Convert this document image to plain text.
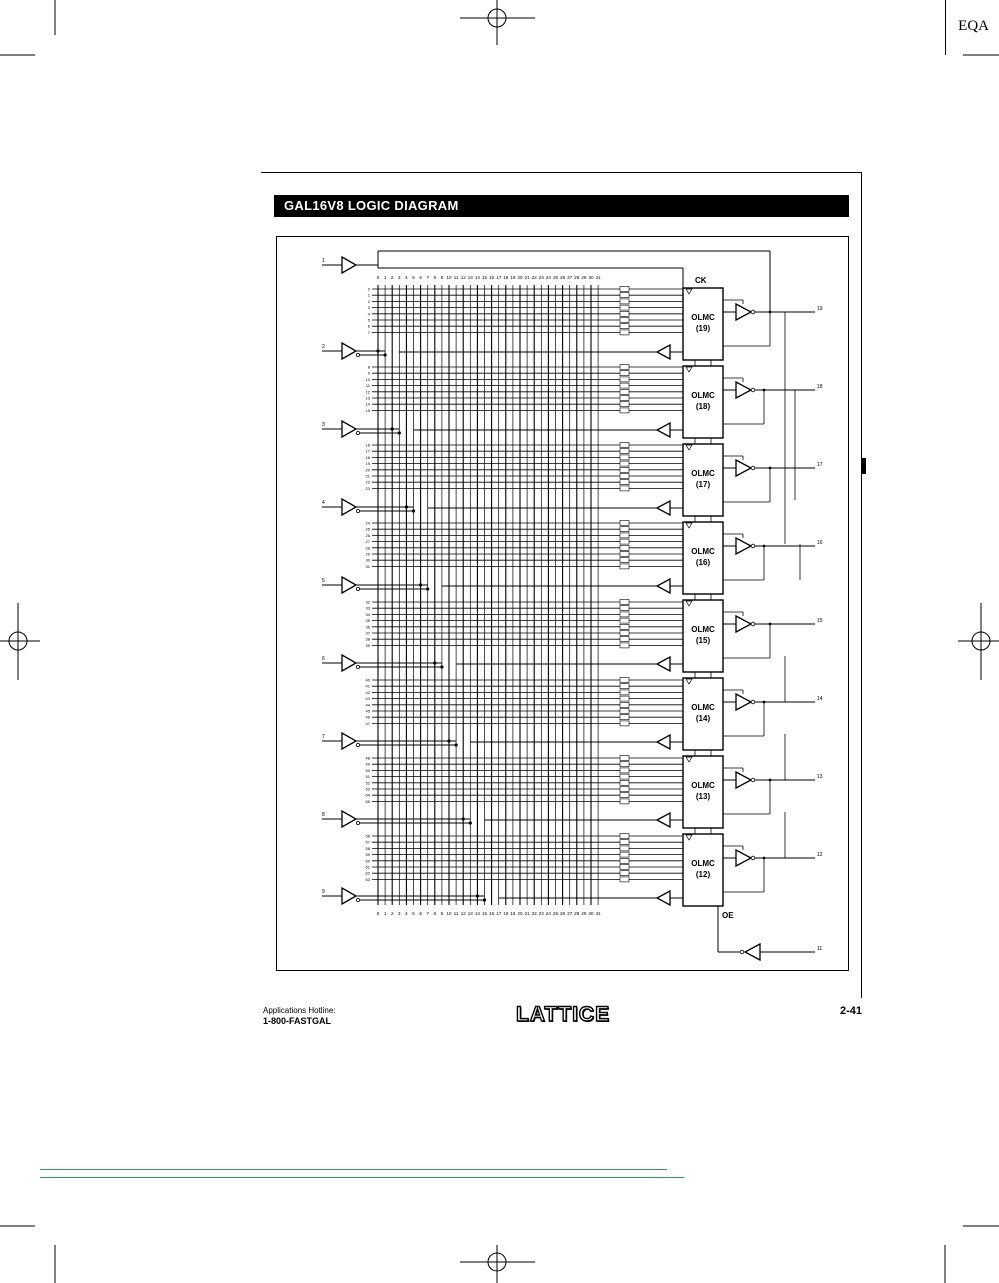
EQA
GAL16V8 LOGIC DIAGRAM
OLMC
(19)
OLMC
(18)
OLMC
(17)
OLMC
(16)
OLMC
(15)
OLMC
(14)
OLMC
(13)
OLMC
(12)
0 1 2 3 4 5 6 7 8 9 10 11 12 13 14 15 16 17 18 19 20 21 22 23 24 25 26 27 28 29 30 31
0 1 2 3 4 5 6 7 8 9 10 11 12 13 14 15 16 17 18 19 20 21 22 23 24 25 26 27 28 29 30 31
0
1
2
3
4
5
6
7
8
9
10
11
12
13
14
15
16
17
18
19
20
21
22
23
24
25
26
27
28
29
30
31
32
33
34
35
36
37
38
39
40
41
42
43
44
45
46
47
48
49
50
51
52
53
54
55
56
57
58
59
60
61
62
63
1
2
3
4
5
6
7
8
9
CK
19
18
17
16
15
14
13
12
OE
11
Applications Hotline:
1-800-FASTGAL	LATTICE	2-41
